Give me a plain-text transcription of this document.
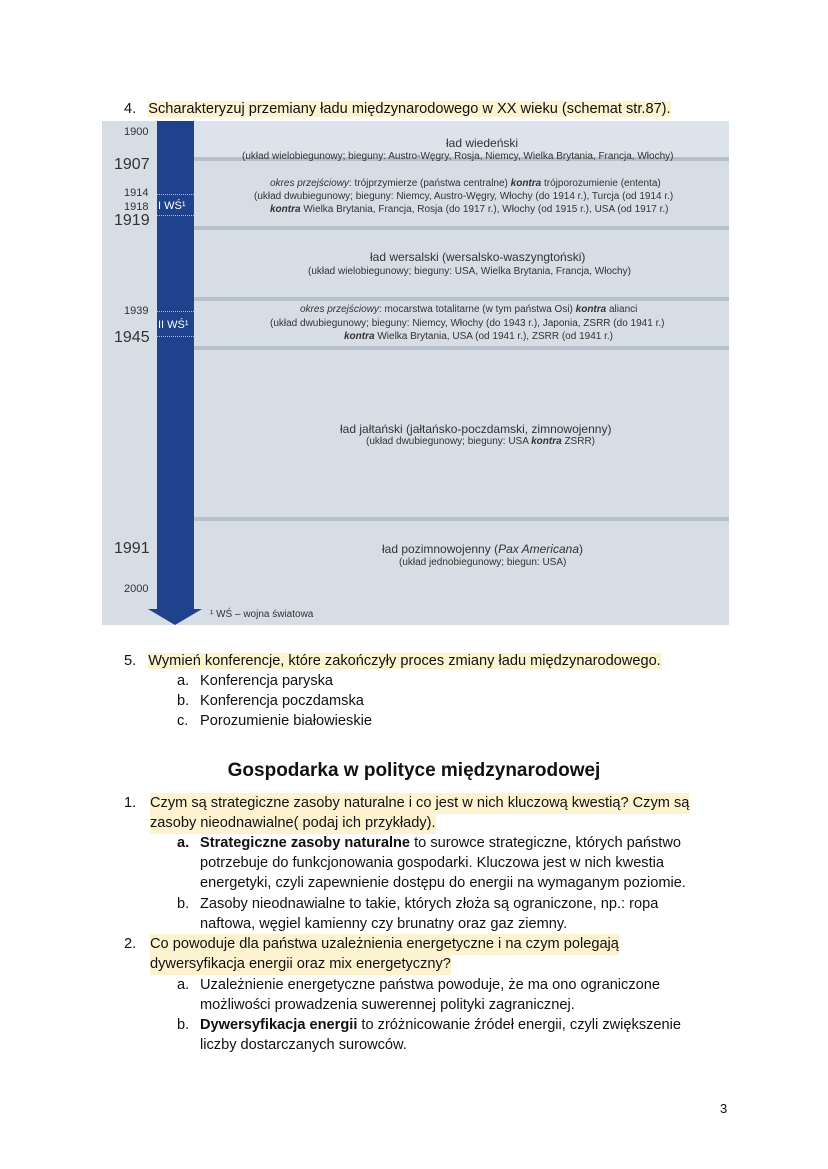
4. Scharakteryzuj przemiany ładu międzynarodowego w XX wieku (schemat str.87).
1900
1907
1914
1918
1919
1939
1945
1991
2000
I WŚ¹
II WŚ¹
ład wiedeński
(układ wielobiegunowy; bieguny: Austro-Węgry, Rosja, Niemcy, Wielka Brytania, Francja, Włochy)
okres przejściowy: trójprzymierze (państwa centralne) kontra trójporozumienie (ententa)
(układ dwubiegunowy; bieguny: Niemcy, Austro-Węgry, Włochy (do 1914 r.), Turcja (od 1914 r.)
kontra Wielka Brytania, Francja, Rosja (do 1917 r.), Włochy (od 1915 r.), USA (od 1917 r.)
ład wersalski (wersalsko-waszyngtoński)
(układ wielobiegunowy; bieguny: USA, Wielka Brytania, Francja, Włochy)
okres przejściowy: mocarstwa totalitarne (w tym państwa Osi) kontra alianci
(układ dwubiegunowy; bieguny: Niemcy, Włochy (do 1943 r.), Japonia, ZSRR (do 1941 r.)
kontra Wielka Brytania, USA (od 1941 r.), ZSRR (od 1941 r.)
ład jałtański (jałtańsko-poczdamski, zimnowojenny)
(układ dwubiegunowy; bieguny: USA kontra ZSRR)
ład pozimnowojenny (Pax Americana)
(układ jednobiegunowy; biegun: USA)
¹ WŚ – wojna światowa
5. Wymień konferencje, które zakończyły proces zmiany ładu międzynarodowego.
a. Konferencja paryska
b. Konferencja poczdamska
c. Porozumienie białowieskie
Gospodarka w polityce międzynarodowej
1. Czym są strategiczne zasoby naturalne i co jest w nich kluczową kwestią? Czym są
zasoby nieodnawialne( podaj ich przykłady).
a. Strategiczne zasoby naturalne to surowce strategiczne, których państwo
potrzebuje do funkcjonowania gospodarki. Kluczowa jest w nich kwestia
energetyki, czyli zapewnienie dostępu do energii na wymaganym poziomie.
b. Zasoby nieodnawialne to takie, których złoża są ograniczone, np.: ropa
naftowa, węgiel kamienny czy brunatny oraz gaz ziemny.
2. Co powoduje dla państwa uzależnienia energetyczne i na czym polegają
dywersyfikacja energii oraz mix energetyczny?
a. Uzależnienie energetyczne państwa powoduje, że ma ono ograniczone
możliwości prowadzenia suwerennej polityki zagranicznej.
b. Dywersyfikacja energii to zróżnicowanie źródeł energii, czyli zwiększenie
liczby dostarczanych surowców.
3
